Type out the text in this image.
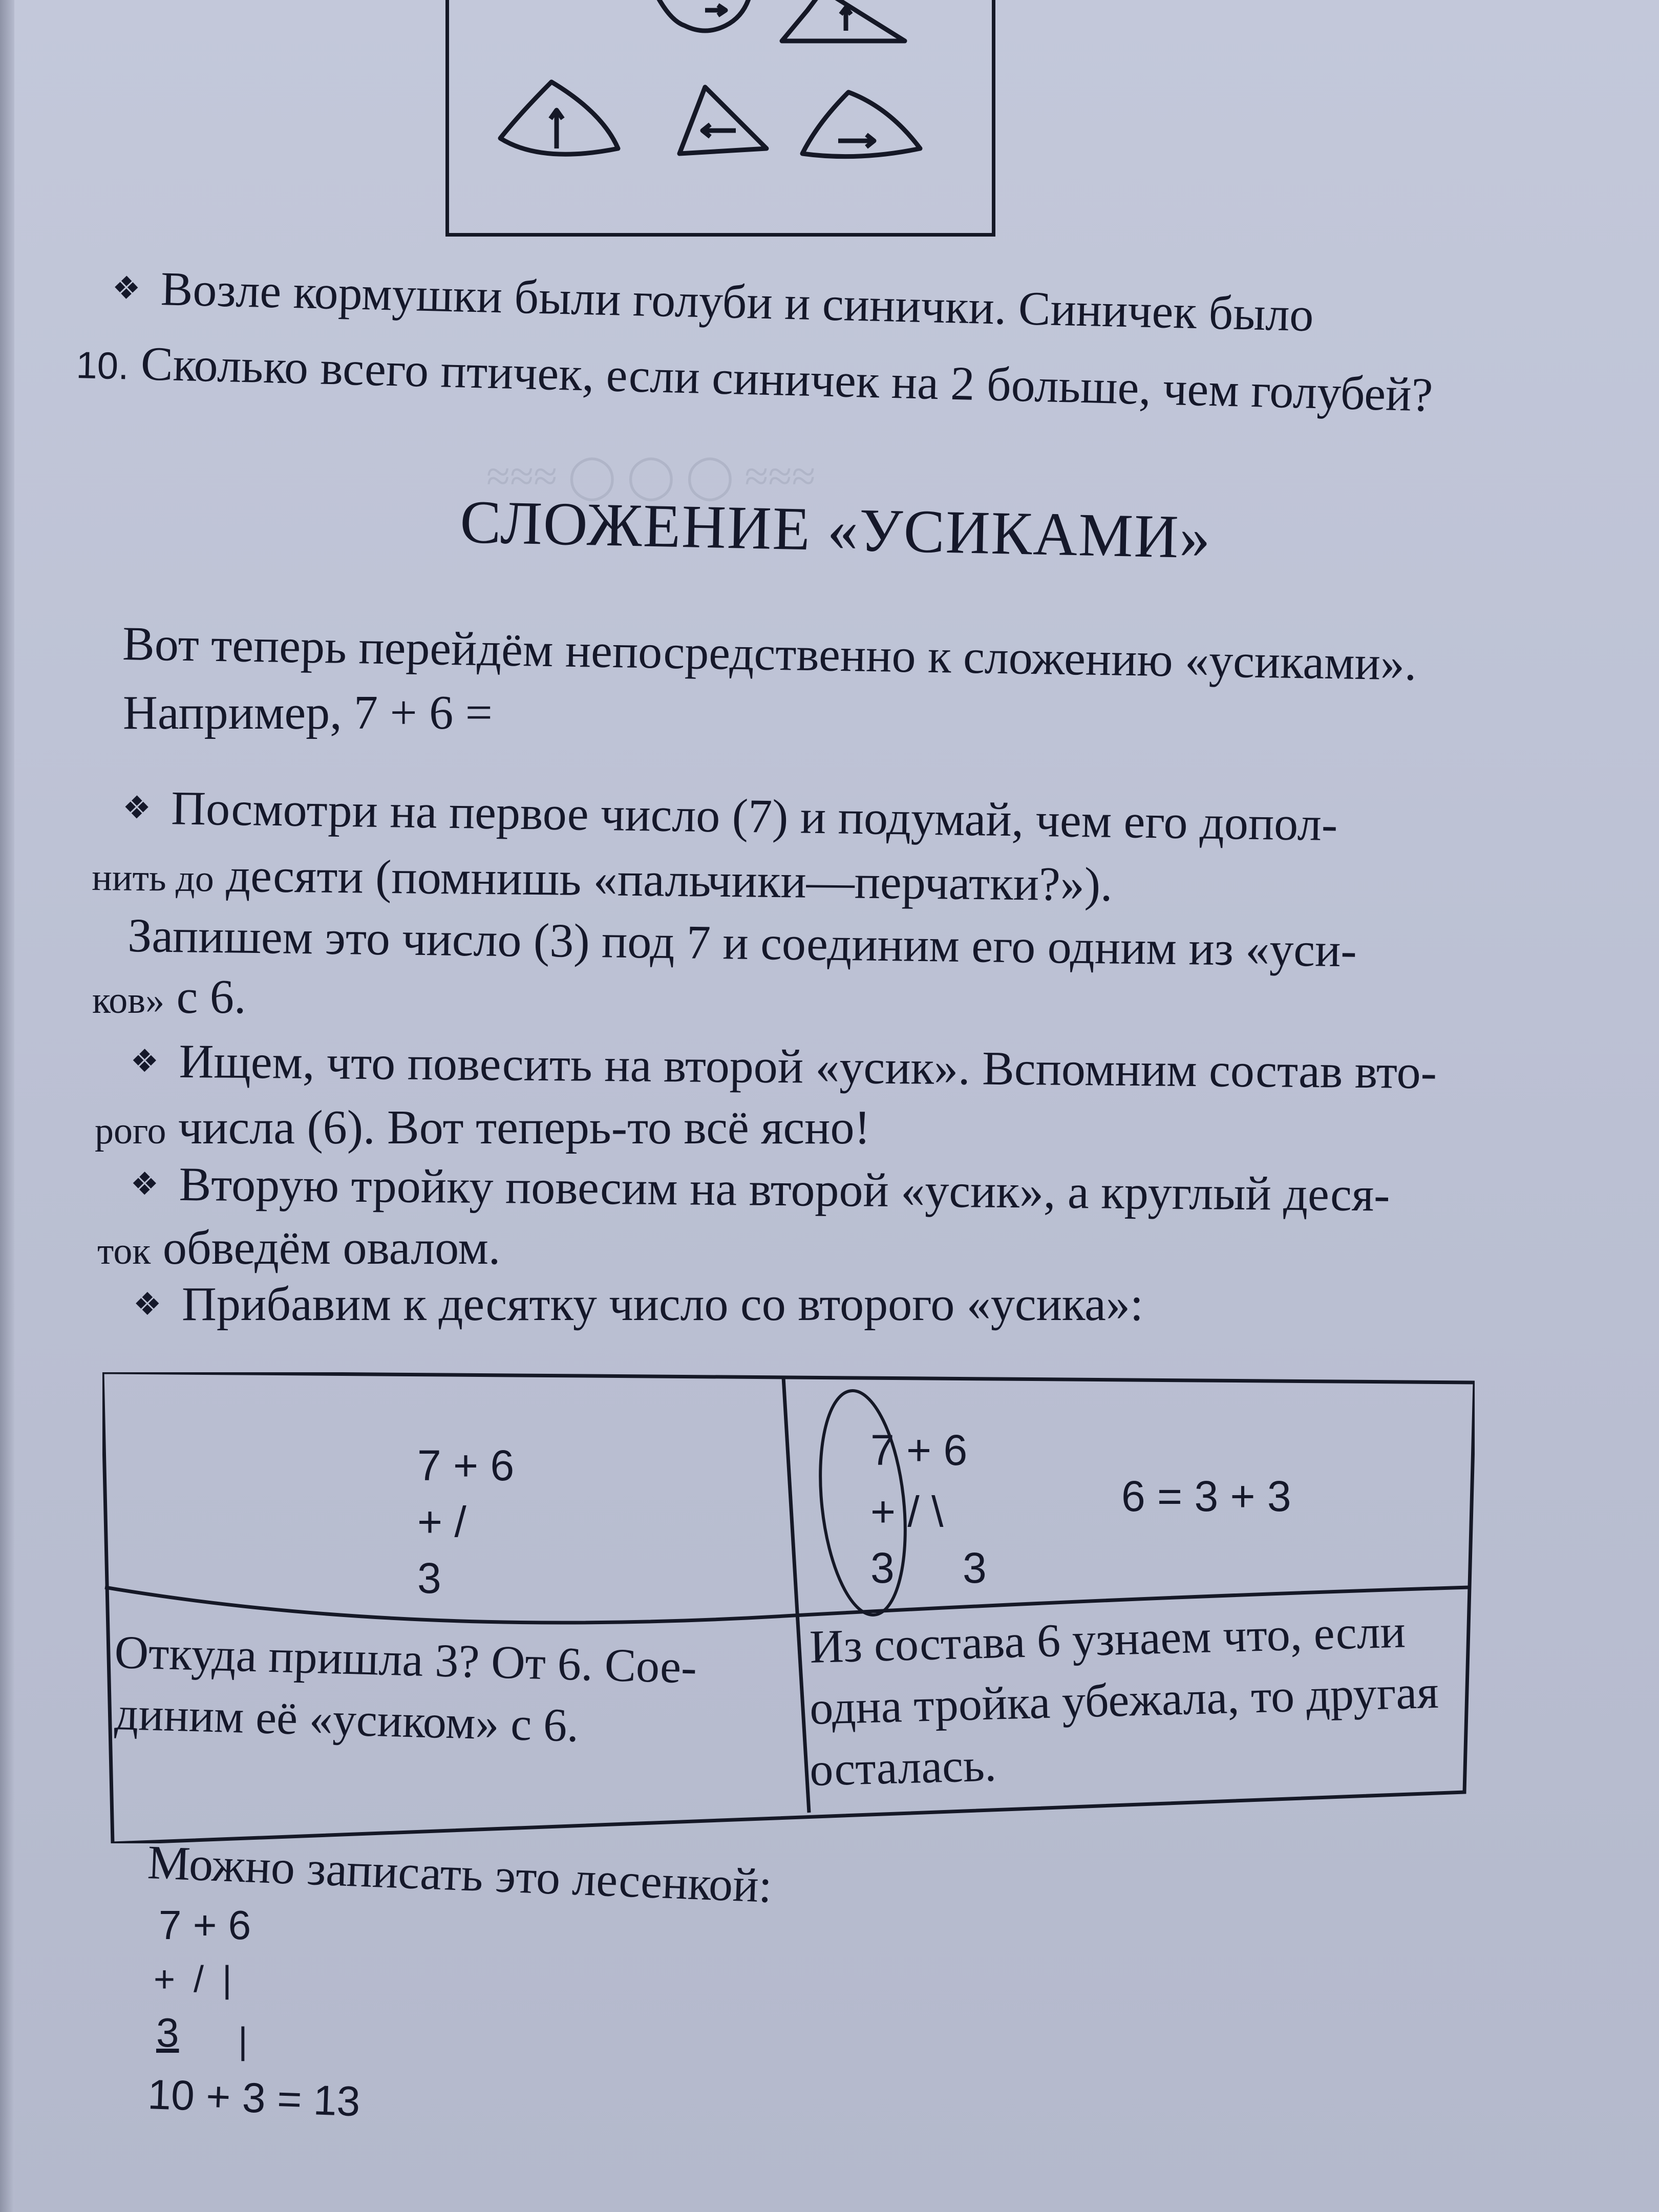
≈≈≈ ◯ ◯ ◯ ≈≈≈
❖ Возле кормушки были голуби и синички. Синичек было
10. Сколько всего птичек, если синичек на 2 больше, чем голубей?
СЛОЖЕНИЕ «УСИКАМИ»
Вот теперь перейдём непосредственно к сложению «усиками».
Например, 7 + 6 =
❖ Посмотри на первое число (7) и подумай, чем его допол-
нить до десяти (помнишь «пальчики—перчатки?»).
Запишем это число (3) под 7 и соединим его одним из «уси-
ков» с 6.
❖ Ищем, что повесить на второй «усик». Вспомним состав вто-
рого числа (6). Вот теперь-то всё ясно!
❖ Вторую тройку повесим на второй «усик», а круглый деся-
ток обведём овалом.
❖ Прибавим к десятку число со второго «усика»:
7 + 6
+ /
3
7 + 6
+ / \
3 3
6 = 3 + 3
Откуда пришла 3? От 6. Сое-
диним её «усиком» с 6.
Из состава 6 узнаем что, если
одна тройка убежала, то другая
осталась.
Можно записать это лесенкой:
7 + 6
+ / |
3 |
10 + 3 = 13
